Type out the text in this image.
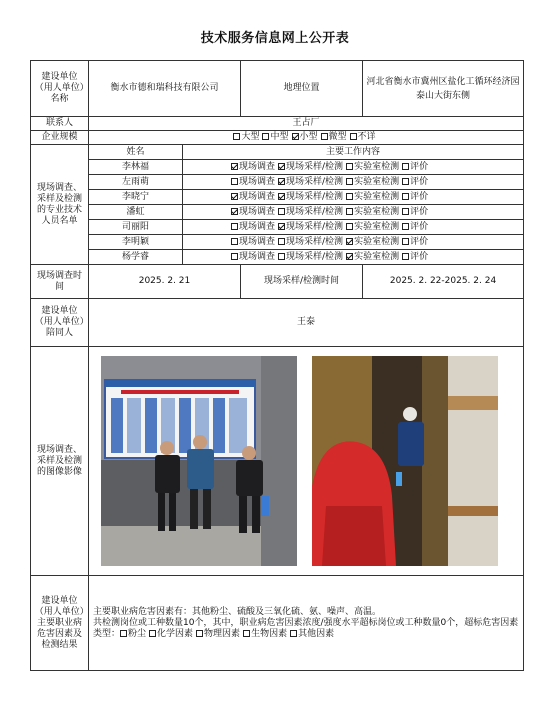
技术服务信息网上公开表
建设单位（用人单位）名称	衡水市德和瑞科技有限公司		地理位置	河北省衡水市冀州区盐化工循环经济园泰山大街东侧
联系人	王占厂			
企业规模	大型 中型 小型 微型 不详			
现场调查、采样及检测的专业技术人员名单	姓名	主要工作内容		
	李林福	现场调查 现场采样/检测 实验室检测 评价		
	左雨萌	现场调查 现场采样/检测 实验室检测 评价		
	李晓宁	现场调查 现场采样/检测 实验室检测 评价		
	潘虹	现场调查 现场采样/检测 实验室检测 评价		
	司丽阳	现场调查 现场采样/检测 实验室检测 评价		
	李明颖	现场调查 现场采样/检测 实验室检测 评价		
	杨学睿	现场调查 现场采样/检测 实验室检测 评价		
现场调查时间	2025. 2. 21		现场采样/检测时间	2025. 2. 22-2025. 2. 24
建设单位（用人单位）陪同人	王泰			
现场调查、采样及检测的图像影像	

建设单位（用人单位）主要职业病危害因素及检测结果	主要职业病危害因素有：其他粉尘、硫酸及三氧化硫、氨、噪声、高温。
共检测岗位或工种数量10个，其中，职业病危害因素浓度/强度水平超标岗位或工种数量0个，超标危害因素类型： 粉尘 化学因素 物理因素 生物因素 其他因素			
